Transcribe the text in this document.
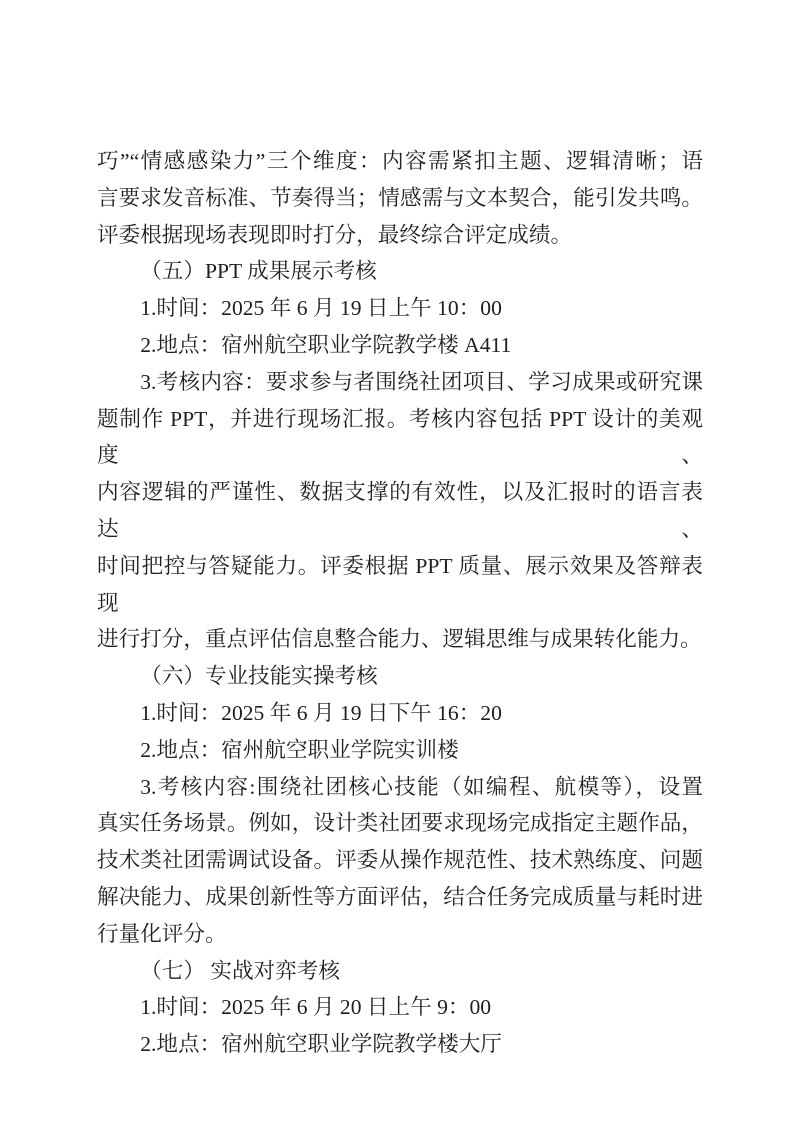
巧”“情感感染力”三个维度：内容需紧扣主题、逻辑清晰；语
言要求发音标准、节奏得当；情感需与文本契合，能引发共鸣。
评委根据现场表现即时打分，最终综合评定成绩。
（五）PPT 成果展示考核
1.时间：2025 年 6 月 19 日上午 10：00
2.地点：宿州航空职业学院教学楼 A411
3.考核内容：要求参与者围绕社团项目、学习成果或研究课
题制作 PPT，并进行现场汇报。考核内容包括 PPT 设计的美观度、
内容逻辑的严谨性、数据支撑的有效性，以及汇报时的语言表达、
时间把控与答疑能力。评委根据 PPT 质量、展示效果及答辩表现
进行打分，重点评估信息整合能力、逻辑思维与成果转化能力。
（六）专业技能实操考核
1.时间：2025 年 6 月 19 日下午 16：20
2.地点：宿州航空职业学院实训楼
3.考核内容:围绕社团核心技能（如编程、航模等），设置
真实任务场景。例如，设计类社团要求现场完成指定主题作品，
技术类社团需调试设备。评委从操作规范性、技术熟练度、问题
解决能力、成果创新性等方面评估，结合任务完成质量与耗时进
行量化评分。
（七） 实战对弈考核
1.时间：2025 年 6 月 20 日上午 9：00
2.地点：宿州航空职业学院教学楼大厅
